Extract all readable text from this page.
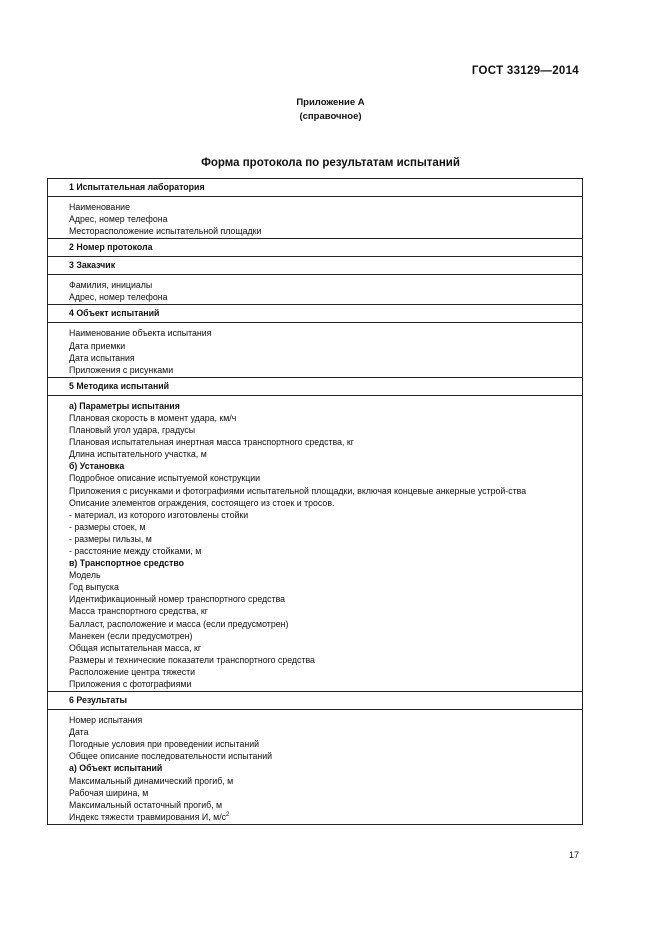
ГОСТ 33129—2014
Приложение А
(справочное)
Форма протокола по результатам испытаний
1 Испытательная лаборатория
Наименование
Адрес, номер телефона
Месторасположение испытательной площадки
2 Номер протокола
3 Заказчик
Фамилия, инициалы
Адрес, номер телефона
4 Объект испытаний
Наименование объекта испытания
Дата приемки
Дата испытания
Приложения с рисунками
5 Методика испытаний
а) Параметры испытания
Плановая скорость в момент удара, км/ч
Плановый угол удара, градусы
Плановая испытательная инертная масса транспортного средства, кг
Длина испытательного участка, м
б) Установка
Подробное описание испытуемой конструкции
Приложения с рисунками и фотографиями испытательной площадки, включая концевые анкерные устрой-ства
Описание элементов ограждения, состоящего из стоек и тросов.
- материал, из которого изготовлены стойки
- размеры стоек, м
- размеры гильзы, м
- расстояние между стойками, м
в) Транспортное средство
Модель
Год выпуска
Идентификационный номер транспортного средства
Масса транспортного средства, кг
Балласт, расположение и масса (если предусмотрен)
Манекен (если предусмотрен)
Общая испытательная масса, кг
Размеры и технические показатели транспортного средства
Расположение центра тяжести
Приложения с фотографиями
6 Результаты
Номер испытания
Дата
Погодные условия при проведении испытаний
Общее описание последовательности испытаний
а) Объект испытаний
Максимальный динамический прогиб, м
Рабочая ширина, м
Максимальный остаточный прогиб, м
Индекс тяжести травмирования И, $м/с^2$
17
